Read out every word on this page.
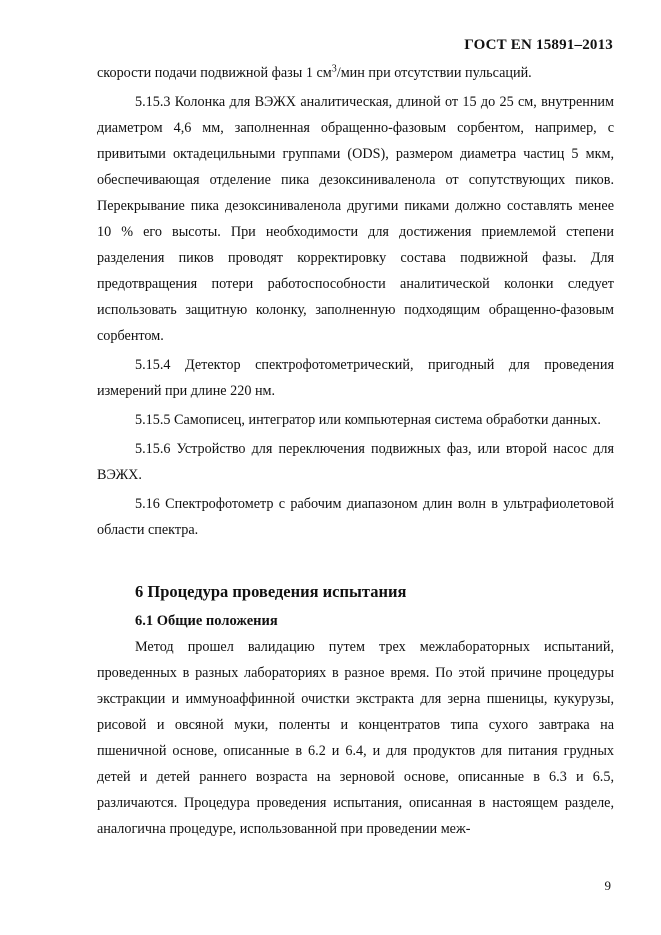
ГОСТ EN 15891–2013

скорости подачи подвижной фазы 1 $см^3$/мин при отсутствии пульсаций.

5.15.3 Колонка для ВЭЖХ аналитическая, длиной от 15 до 25 см, внутренним диаметром 4,6 мм, заполненная обращенно-фазовым сорбентом, например, с привитыми октадецильными группами (ODS), размером диаметра частиц 5 мкм, обеспечивающая отделение пика дезоксиниваленола от сопутствующих пиков. Перекрывание пика дезоксиниваленола другими пиками должно составлять менее 10 % его высоты. При необходимости для достижения приемлемой степени разделения пиков проводят корректировку состава подвижной фазы. Для предотвращения потери работоспособности аналитической колонки следует использовать защитную колонку, заполненную подходящим обращенно-фазовым сорбентом.

5.15.4 Детектор спектрофотометрический, пригодный для проведения измерений при длине 220 нм.

5.15.5 Самописец, интегратор или компьютерная система обработки данных.

5.15.6 Устройство для переключения подвижных фаз, или второй насос для ВЭЖХ.

5.16 Спектрофотометр с рабочим диапазоном длин волн в ультрафиолетовой области спектра.

6 Процедура проведения испытания
6.1 Общие положения

Метод прошел валидацию путем трех межлабораторных испытаний, проведенных в разных лабораториях в разное время. По этой причине процедуры экстракции и иммуноаффинной очистки экстракта для зерна пшеницы, кукурузы, рисовой и овсяной муки, поленты и концентратов типа сухого завтрака на пшеничной основе, описанные в 6.2 и 6.4, и для продуктов для питания грудных детей и детей раннего возраста на зерновой основе, описанные в 6.3 и 6.5, различаются. Процедура проведения испытания, описанная в настоящем разделе, аналогична процедуре, использованной при проведении меж-

9
